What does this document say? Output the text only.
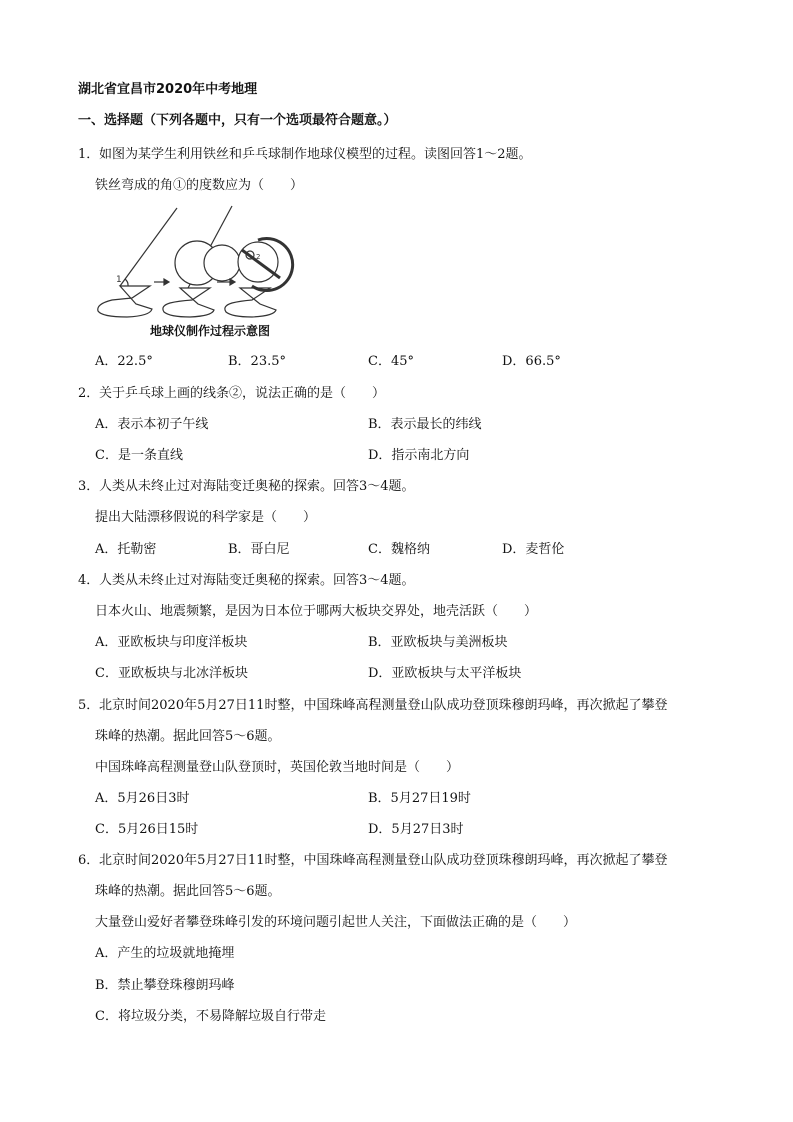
湖北省宜昌市2020年中考地理
一、选择题（下列各题中，只有一个选项最符合题意。）
1． 如图为某学生利用铁丝和乒乓球制作地球仪模型的过程。读图回答1～2题。
铁丝弯成的角①的度数应为（　　）
1
2
地球仪制作过程示意图
A．22.5°	B．23.5°	C．45°	D．66.5°
2． 关于乒乓球上画的线条②，说法正确的是（　　）
A．表示本初子午线	B．表示最长的纬线
C．是一条直线	D．指示南北方向
3． 人类从未终止过对海陆变迁奥秘的探索。回答3～4题。
提出大陆漂移假说的科学家是（　　）
A．托勒密	B．哥白尼	C．魏格纳	D．麦哲伦
4． 人类从未终止过对海陆变迁奥秘的探索。回答3～4题。
日本火山、地震频繁，是因为日本位于哪两大板块交界处，地壳活跃（　　）
A．亚欧板块与印度洋板块	B．亚欧板块与美洲板块
C．亚欧板块与北冰洋板块	D．亚欧板块与太平洋板块
5． 北京时间2020年5月27日11时整，中国珠峰高程测量登山队成功登顶珠穆朗玛峰，再次掀起了攀登
珠峰的热潮。据此回答5～6题。
中国珠峰高程测量登山队登顶时，英国伦敦当地时间是（　　）
A．5月26日3时	B．5月27日19时
C．5月26日15时	D．5月27日3时
6． 北京时间2020年5月27日11时整，中国珠峰高程测量登山队成功登顶珠穆朗玛峰，再次掀起了攀登
珠峰的热潮。据此回答5～6题。
大量登山爱好者攀登珠峰引发的环境问题引起世人关注，下面做法正确的是（　　）
A．产生的垃圾就地掩埋
B．禁止攀登珠穆朗玛峰
C．将垃圾分类，不易降解垃圾自行带走
